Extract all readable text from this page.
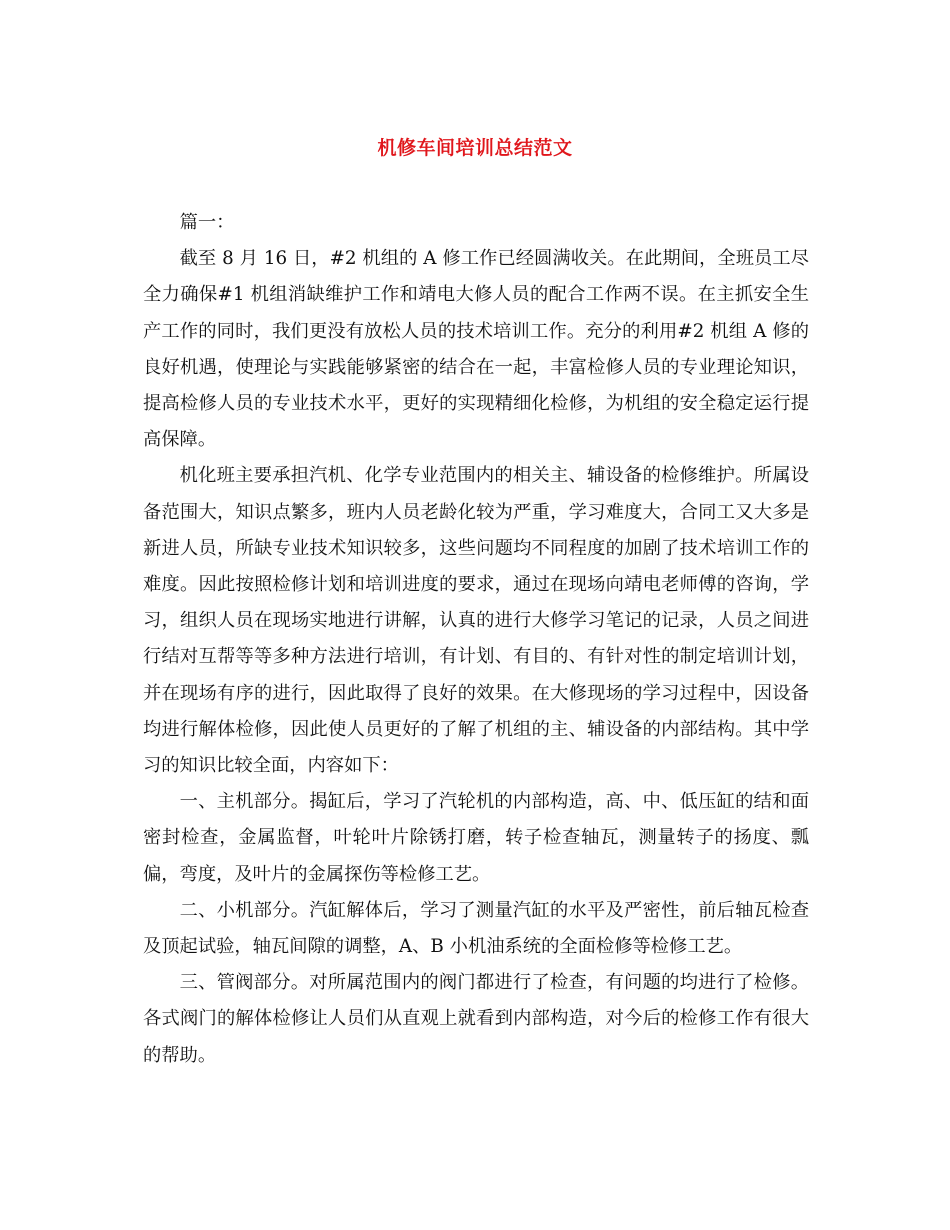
机修车间培训总结范文

篇一：

截至 8 月 16 日，#2 机组的 A 修工作已经圆满收关。在此期间，全班员工尽全力确保#1 机组消缺维护工作和靖电大修人员的配合工作两不误。在主抓安全生产工作的同时，我们更没有放松人员的技术培训工作。充分的利用#2 机组 A 修的良好机遇，使理论与实践能够紧密的结合在一起，丰富检修人员的专业理论知识，提高检修人员的专业技术水平，更好的实现精细化检修，为机组的安全稳定运行提高保障。

机化班主要承担汽机、化学专业范围内的相关主、辅设备的检修维护。所属设备范围大，知识点繁多，班内人员老龄化较为严重，学习难度大，合同工又大多是新进人员，所缺专业技术知识较多，这些问题均不同程度的加剧了技术培训工作的难度。因此按照检修计划和培训进度的要求，通过在现场向靖电老师傅的咨询，学习，组织人员在现场实地进行讲解，认真的进行大修学习笔记的记录，人员之间进行结对互帮等等多种方法进行培训，有计划、有目的、有针对性的制定培训计划，并在现场有序的进行，因此取得了良好的效果。在大修现场的学习过程中，因设备均进行解体检修，因此使人员更好的了解了机组的主、辅设备的内部结构。其中学习的知识比较全面，内容如下：

一、主机部分。揭缸后，学习了汽轮机的内部构造，高、中、低压缸的结和面密封检查，金属监督，叶轮叶片除锈打磨，转子检查轴瓦，测量转子的扬度、瓢偏，弯度，及叶片的金属探伤等检修工艺。

二、小机部分。汽缸解体后，学习了测量汽缸的水平及严密性，前后轴瓦检查及顶起试验，轴瓦间隙的调整，A、B 小机油系统的全面检修等检修工艺。

三、管阀部分。对所属范围内的阀门都进行了检查，有问题的均进行了检修。各式阀门的解体检修让人员们从直观上就看到内部构造，对今后的检修工作有很大的帮助。
